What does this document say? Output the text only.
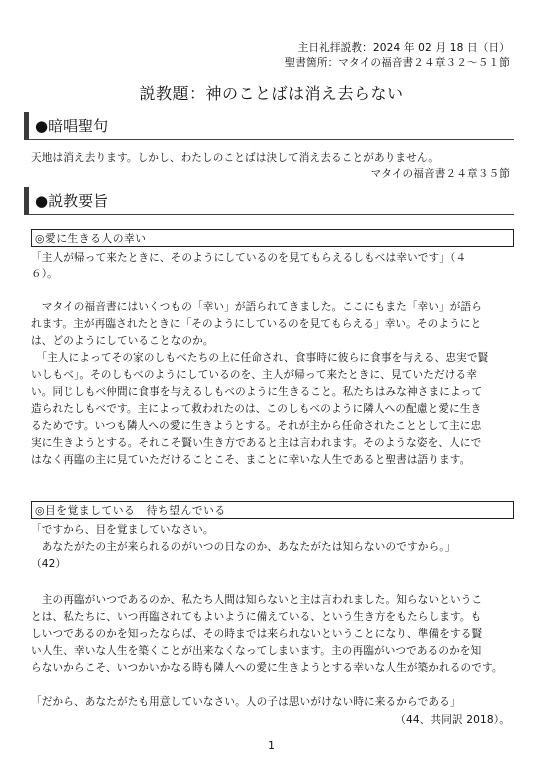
主日礼拝説教：2024 年 02 月 18 日（日）
聖書箇所：マタイの福音書２４章３２～５１節
説教題：神のことばは消え去らない
●暗唱聖句
天地は消え去ります。しかし、わたしのことばは決して消え去ることがありません。
マタイの福音書２４章３５節
●説教要旨
◎愛に生きる人の幸い
「主人が帰って来たときに、そのようにしているのを見てもらえるしもべは幸いです」（４
６）。
　マタイの福音書にはいくつもの「幸い」が語られてきました。ここにもまた「幸い」が語ら
れます。主が再臨されたときに「そのようにしているのを見てもらえる」幸い。そのようにと
は、どのようにしていることなのか。
　「主人によってその家のしもべたちの上に任命され、食事時に彼らに食事を与える、忠実で賢
いしもべ」。そのしもべのようにしているのを、主人が帰って来たときに、見ていただける幸
い。同じしもべ仲間に食事を与えるしもべのように生きること。私たちはみな神さまによって
造られたしもべです。主によって救われたのは、このしもべのように隣人への配慮と愛に生き
るためです。いつも隣人への愛に生きようとする。それが主から任命されたこととして主に忠
実に生きようとする。それこそ賢い生き方であると主は言われます。そのような姿を、人にで
はなく再臨の主に見ていただけることこそ、まことに幸いな人生であると聖書は語ります。
◎目を覚ましている　待ち望んでいる
「ですから、目を覚ましていなさい。
　あなたがたの主が来られるのがいつの日なのか、あなたがたは知らないのですから。」
（42）
　主の再臨がいつであるのか、私たち人間は知らないと主は言われました。知らないというこ
とは、私たちに、いつ再臨されてもよいように備えている、という生き方をもたらします。も
しいつであるのかを知ったならば、その時までは来られないということになり、準備をする賢
い人生、幸いな人生を築くことが出来なくなってしまいます。主の再臨がいつであるのかを知
らないからこそ、いつかいかなる時も隣人への愛に生きようとする幸いな人生が築かれるのです。
「だから、あなたがたも用意していなさい。人の子は思いがけない時に来るからである」
（44、共同訳 2018）。
1
